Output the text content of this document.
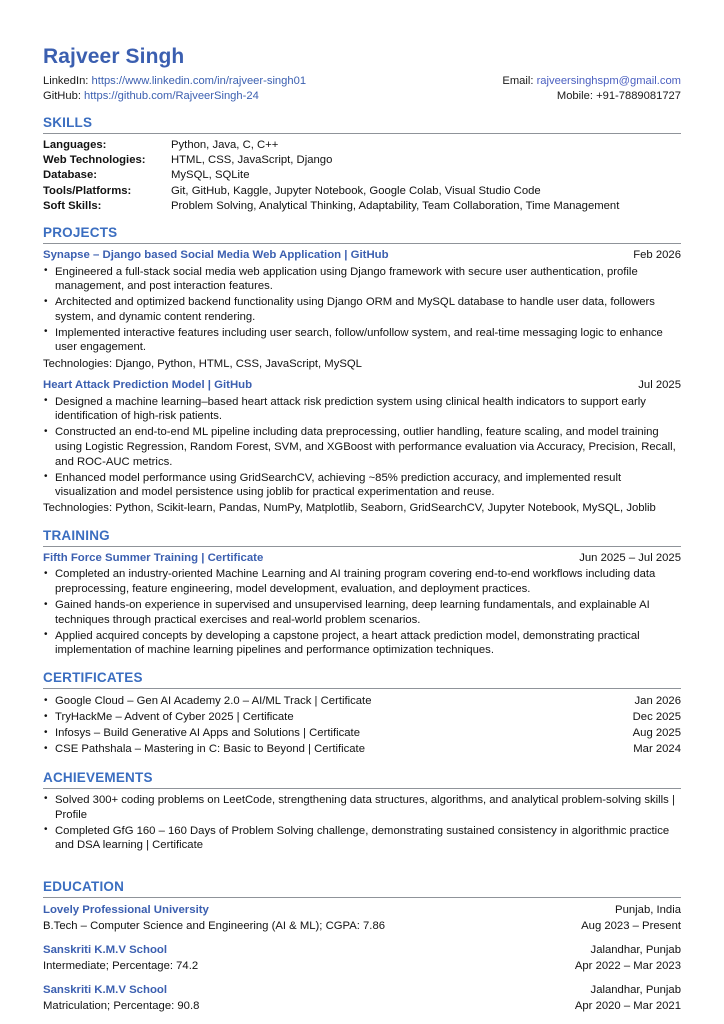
Rajveer Singh
LinkedIn: https://www.linkedin.com/in/rajveer-singh01
GitHub: https://github.com/RajveerSingh-24
Email: rajveersinghspm@gmail.com
Mobile: +91-7889081727
SKILLS
Languages:	Python, Java, C, C++
Web Technologies:	HTML, CSS, JavaScript, Django
Database:	MySQL, SQLite
Tools/Platforms:	Git, GitHub, Kaggle, Jupyter Notebook, Google Colab, Visual Studio Code
Soft Skills:	Problem Solving, Analytical Thinking, Adaptability, Team Collaboration, Time Management
PROJECTS
Synapse – Django based Social Media Web Application | GitHub	Feb 2026
• Engineered a full-stack social media web application using Django framework with secure user authentication, profile management, and post interaction features.
• Architected and optimized backend functionality using Django ORM and MySQL database to handle user data, followers system, and dynamic content rendering.
• Implemented interactive features including user search, follow/unfollow system, and real-time messaging logic to enhance user engagement.
Technologies: Django, Python, HTML, CSS, JavaScript, MySQL
Heart Attack Prediction Model | GitHub	Jul 2025
• Designed a machine learning–based heart attack risk prediction system using clinical health indicators to support early identification of high-risk patients.
• Constructed an end-to-end ML pipeline including data preprocessing, outlier handling, feature scaling, and model training using Logistic Regression, Random Forest, SVM, and XGBoost with performance evaluation via Accuracy, Precision, Recall, and ROC-AUC metrics.
• Enhanced model performance using GridSearchCV, achieving ~85% prediction accuracy, and implemented result visualization and model persistence using joblib for practical experimentation and reuse.
Technologies: Python, Scikit-learn, Pandas, NumPy, Matplotlib, Seaborn, GridSearchCV, Jupyter Notebook, MySQL, Joblib
TRAINING
Fifth Force Summer Training | Certificate	Jun 2025 – Jul 2025
• Completed an industry-oriented Machine Learning and AI training program covering end-to-end workflows including data preprocessing, feature engineering, model development, evaluation, and deployment practices.
• Gained hands-on experience in supervised and unsupervised learning, deep learning fundamentals, and explainable AI techniques through practical exercises and real-world problem scenarios.
• Applied acquired concepts by developing a capstone project, a heart attack prediction model, demonstrating practical implementation of machine learning pipelines and performance optimization techniques.
CERTIFICATES
• Google Cloud – Gen AI Academy 2.0 – AI/ML Track | Certificate	Jan 2026
• TryHackMe – Advent of Cyber 2025 | Certificate	Dec 2025
• Infosys – Build Generative AI Apps and Solutions | Certificate	Aug 2025
• CSE Pathshala – Mastering in C: Basic to Beyond | Certificate	Mar 2024
ACHIEVEMENTS
• Solved 300+ coding problems on LeetCode, strengthening data structures, algorithms, and analytical problem-solving skills | Profile
• Completed GfG 160 – 160 Days of Problem Solving challenge, demonstrating sustained consistency in algorithmic practice and DSA learning | Certificate
EDUCATION
Lovely Professional University	Punjab, India
B.Tech – Computer Science and Engineering (AI & ML); CGPA: 7.86	Aug 2023 – Present
Sanskriti K.M.V School	Jalandhar, Punjab
Intermediate; Percentage: 74.2	Apr 2022 – Mar 2023
Sanskriti K.M.V School	Jalandhar, Punjab
Matriculation; Percentage: 90.8	Apr 2020 – Mar 2021
